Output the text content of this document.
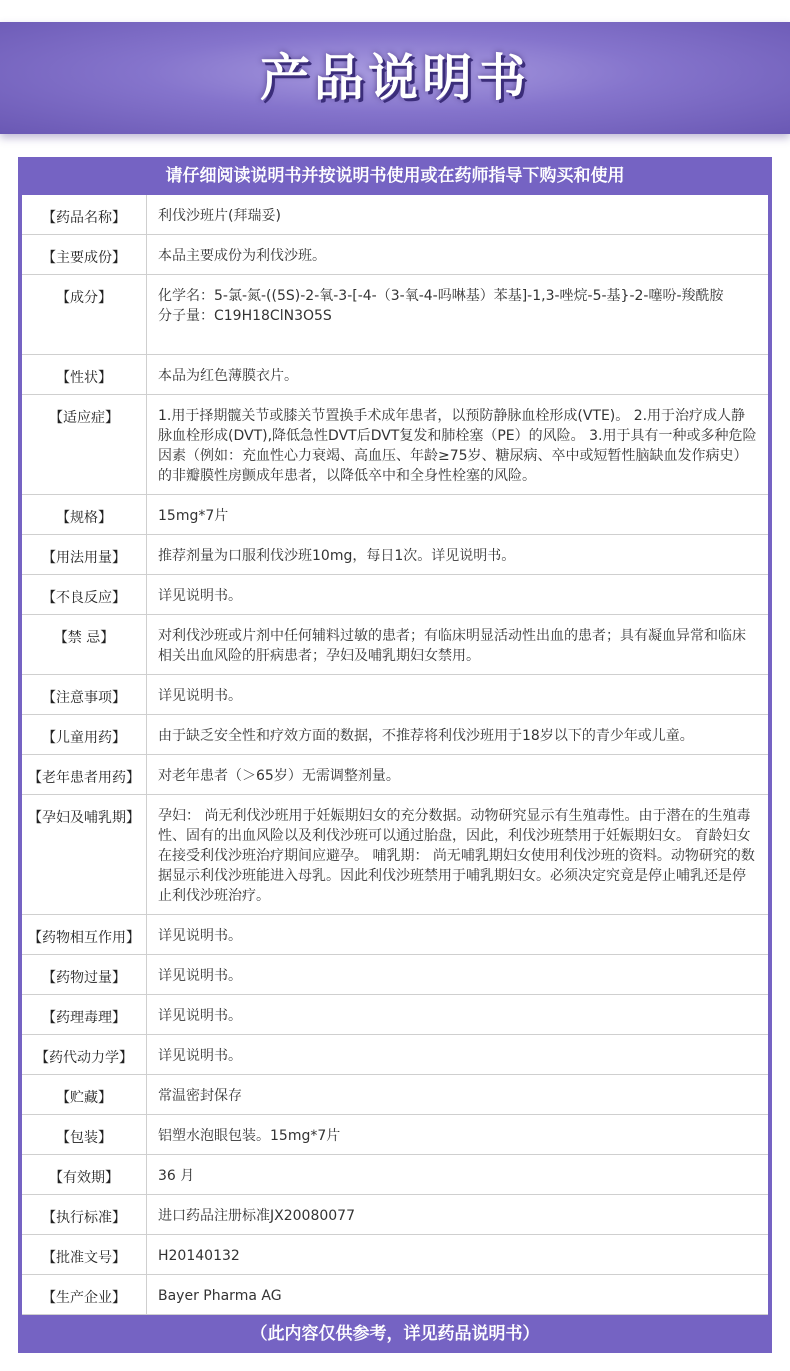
产品说明书
请仔细阅读说明书并按说明书使用或在药师指导下购买和使用
【药品名称】	利伐沙班片(拜瑞妥)
【主要成份】	本品主要成份为利伐沙班。
【成分】	化学名：5-氯-氮-((5S)-2-氧-3-[-4-（3-氧-4-吗啉基）苯基]-1,3-唑烷-5-基}-2-噻吩-羧酰胺
分子量：C19H18ClN3O5S
【性状】	本品为红色薄膜衣片。
【适应症】	1.用于择期髋关节或膝关节置换手术成年患者，以预防静脉血栓形成(VTE)。 2.用于治疗成人静脉血栓形成(DVT),降低急性DVT后DVT复发和肺栓塞（PE）的风险。 3.用于具有一种或多种危险因素（例如：充血性心力衰竭、高血压、年龄≥75岁、糖尿病、卒中或短暂性脑缺血发作病史）的非瓣膜性房颤成年患者，以降低卒中和全身性栓塞的风险。
【规格】	15mg*7片
【用法用量】	推荐剂量为口服利伐沙班10mg，每日1次。详见说明书。
【不良反应】	详见说明书。
【禁 忌】	对利伐沙班或片剂中任何辅料过敏的患者；有临床明显活动性出血的患者；具有凝血异常和临床相关出血风险的肝病患者；孕妇及哺乳期妇女禁用。
【注意事项】	详见说明书。
【儿童用药】	由于缺乏安全性和疗效方面的数据，不推荐将利伐沙班用于18岁以下的青少年或儿童。
【老年患者用药】	对老年患者（＞65岁）无需调整剂量。
【孕妇及哺乳期】	孕妇： 尚无利伐沙班用于妊娠期妇女的充分数据。动物研究显示有生殖毒性。由于潜在的生殖毒性、固有的出血风险以及利伐沙班可以通过胎盘，因此，利伐沙班禁用于妊娠期妇女。 育龄妇女在接受利伐沙班治疗期间应避孕。 哺乳期： 尚无哺乳期妇女使用利伐沙班的资料。动物研究的数据显示利伐沙班能进入母乳。因此利伐沙班禁用于哺乳期妇女。必须决定究竟是停止哺乳还是停止利伐沙班治疗。
【药物相互作用】	详见说明书。
【药物过量】	详见说明书。
【药理毒理】	详见说明书。
【药代动力学】	详见说明书。
【贮藏】	常温密封保存
【包装】	铝塑水泡眼包装。15mg*7片
【有效期】	36 月
【执行标准】	进口药品注册标准JX20080077
【批准文号】	H20140132
【生产企业】	Bayer Pharma AG
（此内容仅供参考，详见药品说明书）
